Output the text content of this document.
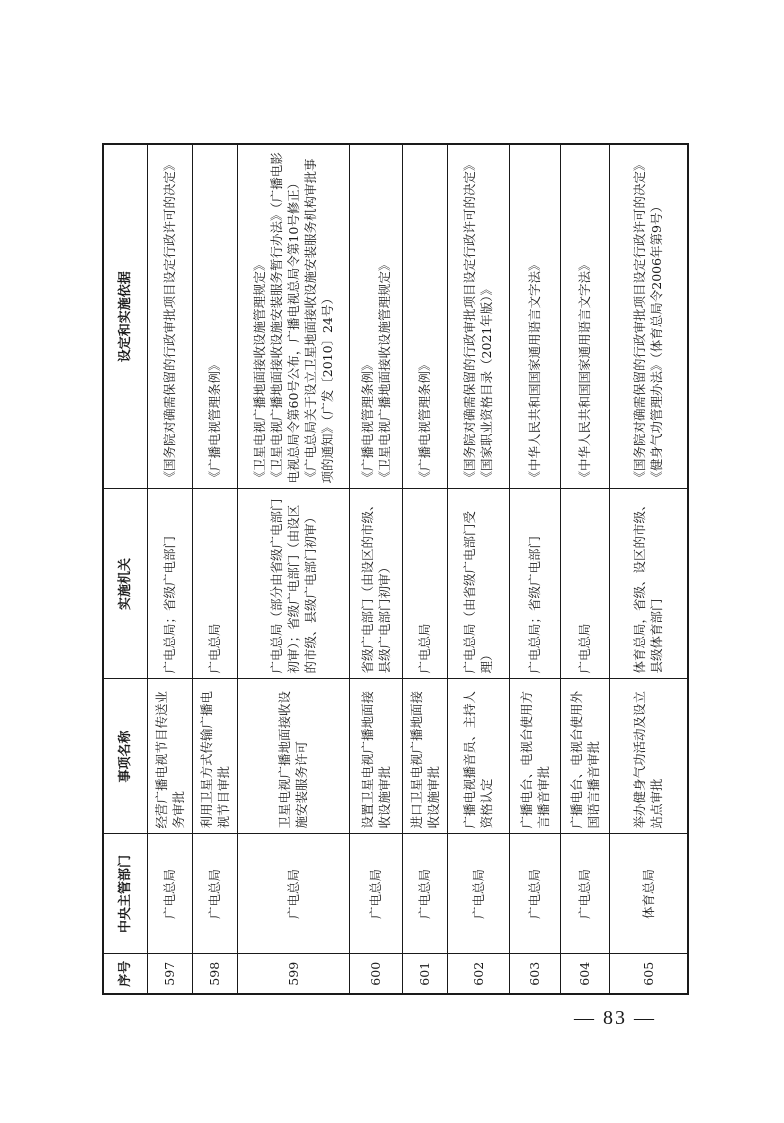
序号	中央主管部门	事项名称	实施机关	设定和实施依据
597	广电总局	经营广播电视节目传送业务审批	广电总局；省级广电部门	《国务院对确需保留的行政审批项目设定行政许可的决定》

598	广电总局	利用卫星方式传输广播电视节目审批	广电总局	《广播电视管理条例》

599	广电总局	卫星电视广播地面接收设施安装服务许可	广电总局（部分由省级广电部门初审）；省级广电部门（由设区的市级、县级广电部门初审）	《卫星电视广播地面接收设施管理规定》 《卫星电视广播地面接收设施安装服务暂行办法》（广播电影电视总局令第60号公布，广播电视总局令第10号修正） 《广电总局关于设立卫星地面接收设施安装服务机构审批事项的通知》（广发〔2010〕24号）

600	广电总局	设置卫星电视广播地面接收设施审批	省级广电部门（由设区的市级、县级广电部门初审）	《广播电视管理条例》 《卫星电视广播地面接收设施管理规定》

601	广电总局	进口卫星电视广播地面接收设施审批	广电总局	《广播电视管理条例》

602	广电总局	广播电视播音员、主持人资格认定	广电总局（由省级广电部门受理）	《国务院对确需保留的行政审批项目设定行政许可的决定》 《国家职业资格目录（2021年版）》

603	广电总局	广播电台、电视台使用方言播音审批	广电总局；省级广电部门	《中华人民共和国国家通用语言文字法》

604	广电总局	广播电台、电视台使用外国语言播音审批	广电总局	《中华人民共和国国家通用语言文字法》

605	体育总局	举办健身气功活动及设立站点审批	体育总局，省级、设区的市级、县级体育部门	《国务院对确需保留的行政审批项目设定行政许可的决定》 《健身气功管理办法》（体育总局令2006年第9号）
— 83 —
